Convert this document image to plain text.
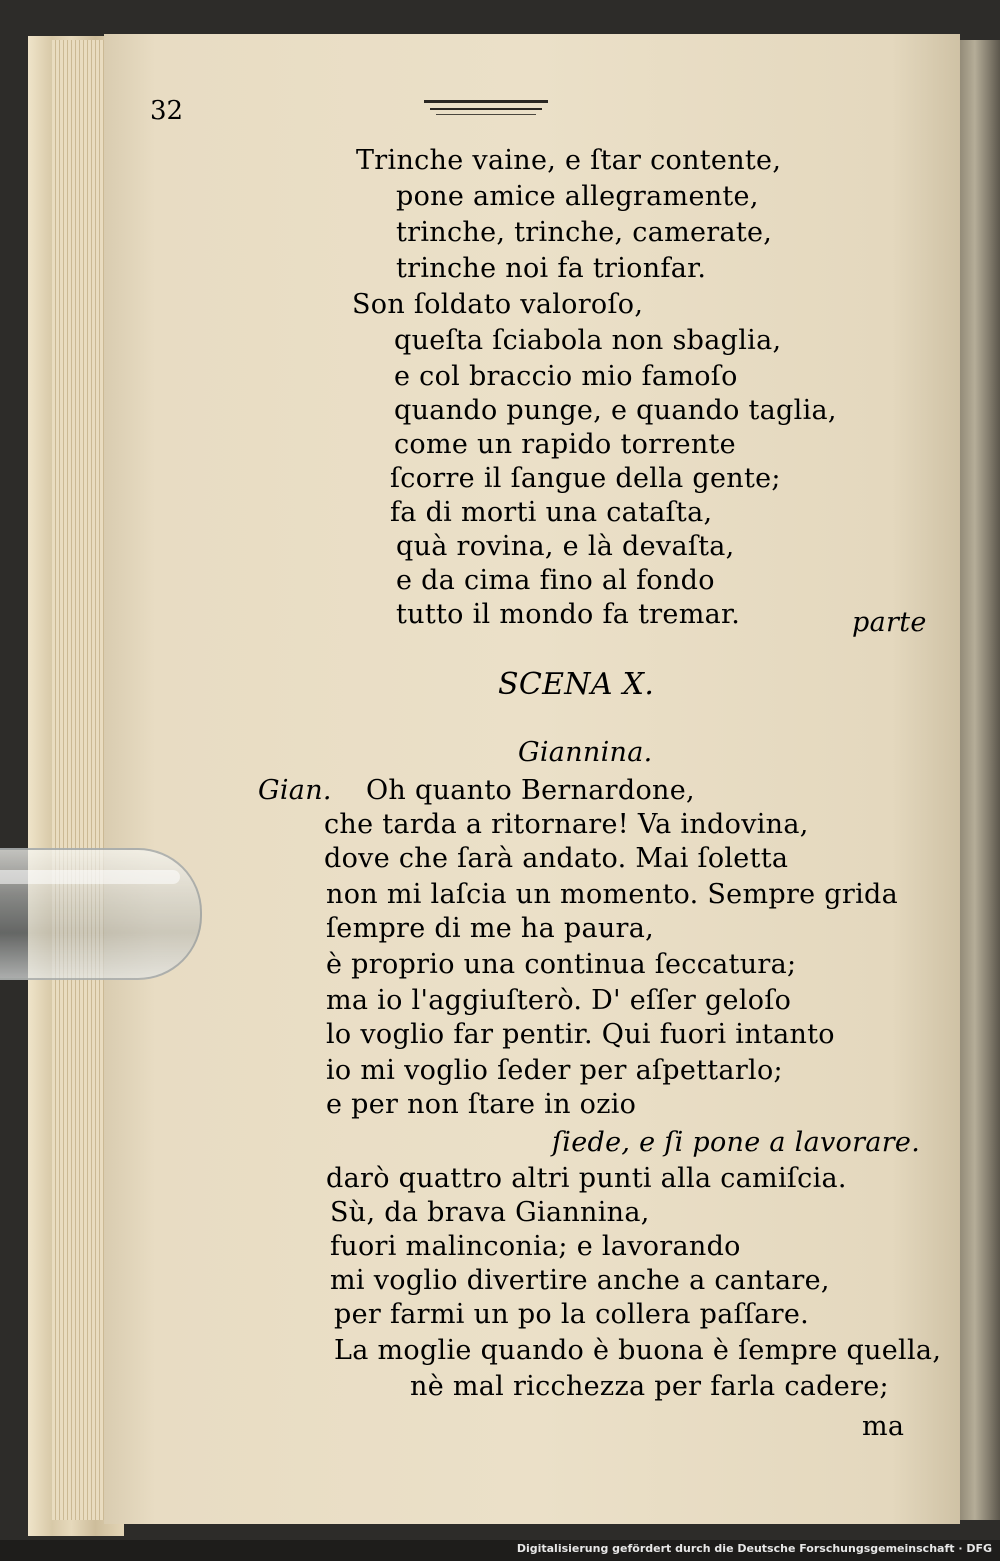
32
Trinche vaine, e ſtar contente,
pone amice allegramente,
trinche, trinche, camerate,
trinche noi fa trionfar.
Son ſoldato valoroſo,
queſta ſciabola non sbaglia,
e col braccio mio famoſo
quando punge, e quando taglia,
come un rapido torrente
ſcorre il ſangue della gente;
fa di morti una cataſta,
quà rovina, e là devaſta,
e da cima fino al fondo
tutto il mondo fa tremar.	parte
SCENA X.
Giannina.
Gian. Oh quanto Bernardone,
che tarda a ritornare! Va indovina,
dove che ſarà andato. Mai ſoletta
non mi laſcia un momento. Sempre grida
ſempre di me ha paura,
è proprio una continua ſeccatura;
ma io l'aggiuſterò. D' eſſer geloſo
lo voglio far pentir. Qui fuori intanto
io mi voglio ſeder per aſpettarlo;
e per non ſtare in ozio
ſiede, e ſi pone a lavorare.
darò quattro altri punti alla camiſcia.
Sù, da brava Giannina,
fuori malinconia; e lavorando
mi voglio divertire anche a cantare,
per farmi un po la collera paſſare.
La moglie quando è buona è ſempre quella,
nè mal ricchezza per farla cadere;
ma
Digitalisierung gefördert durch die Deutsche Forschungsgemeinschaft · DFG
